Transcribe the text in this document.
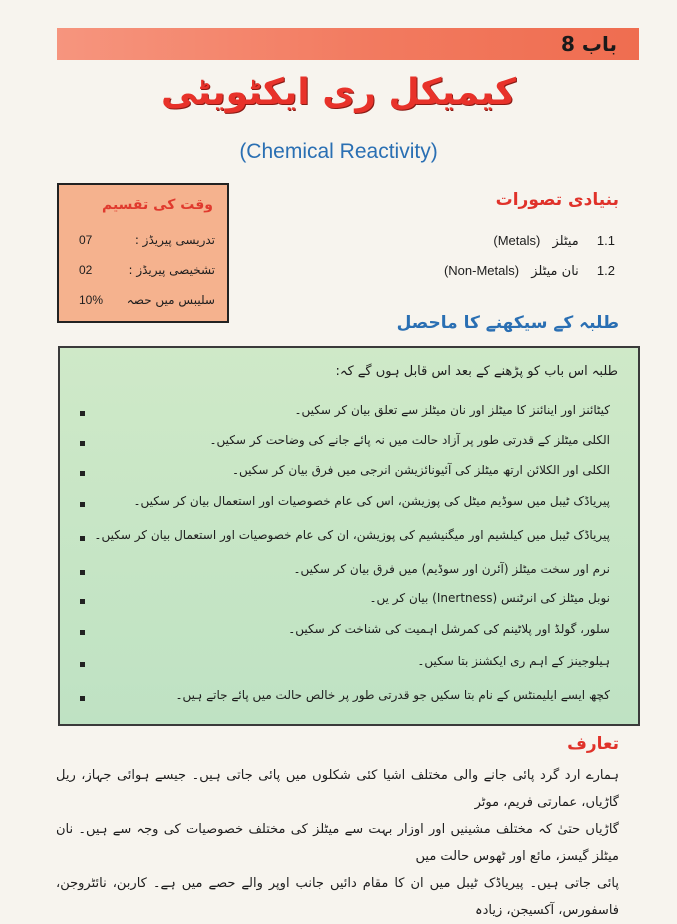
باب 8
کیمیکل ری ایکٹویٹی
(Chemical Reactivity)
وقت کی تقسیم
تدریسی پیریڈز :
07
تشخیصی پیریڈز :
02
سلیبس میں حصہ
10%
بنیادی تصورات
1.1 میٹلز (Metals)
1.2 نان میٹلز (Non-Metals)
طلبہ کے سیکھنے کا ماحصل
طلبہ اس باب کو پڑھنے کے بعد اس قابل ہوں گے کہ:
کیٹائنز اور اینائنز کا میٹلز اور نان میٹلز سے تعلق بیان کر سکیں۔
الکلی میٹلز کے قدرتی طور پر آزاد حالت میں نہ پائے جانے کی وضاحت کر سکیں۔
الکلی اور الکلائن ارتھ میٹلز کی آئیونائزیشن انرجی میں فرق بیان کر سکیں۔
پیریاڈک ٹیبل میں سوڈیم میٹل کی پوزیشن، اس کی عام خصوصیات اور استعمال بیان کر سکیں۔
پیریاڈک ٹیبل میں کیلشیم اور میگنیشیم کی پوزیشن، ان کی عام خصوصیات اور استعمال بیان کر سکیں۔
نرم اور سخت میٹلز (آئرن اور سوڈیم) میں فرق بیان کر سکیں۔
نوبل میٹلز کی انرٹنس (Inertness) بیان کر یں۔
سلور، گولڈ اور پلاٹینم کی کمرشل اہمیت کی شناخت کر سکیں۔
ہیلوجینز کے اہم ری ایکشنز بتا سکیں۔
کچھ ایسے ایلیمنٹس کے نام بتا سکیں جو قدرتی طور پر خالص حالت میں پائے جاتے ہیں۔
تعارف
ہمارے ارد گرد پائی جانے والی مختلف اشیا کئی شکلوں میں پائی جاتی ہیں۔ جیسے ہوائی جہاز، ریل گاڑیاں، عمارتی فریم، موٹر
گاڑیاں حتیٰ کہ مختلف مشینیں اور اوزار بہت سے میٹلز کی مختلف خصوصیات کی وجہ سے ہیں۔ نان میٹلز گیسز، مائع اور ٹھوس حالت میں
پائی جاتی ہیں۔ پیریاڈک ٹیبل میں ان کا مقام دائیں جانب اوپر والے حصے میں ہے۔ کاربن، نائٹروجن، فاسفورس، آکسیجن، زیادہ
